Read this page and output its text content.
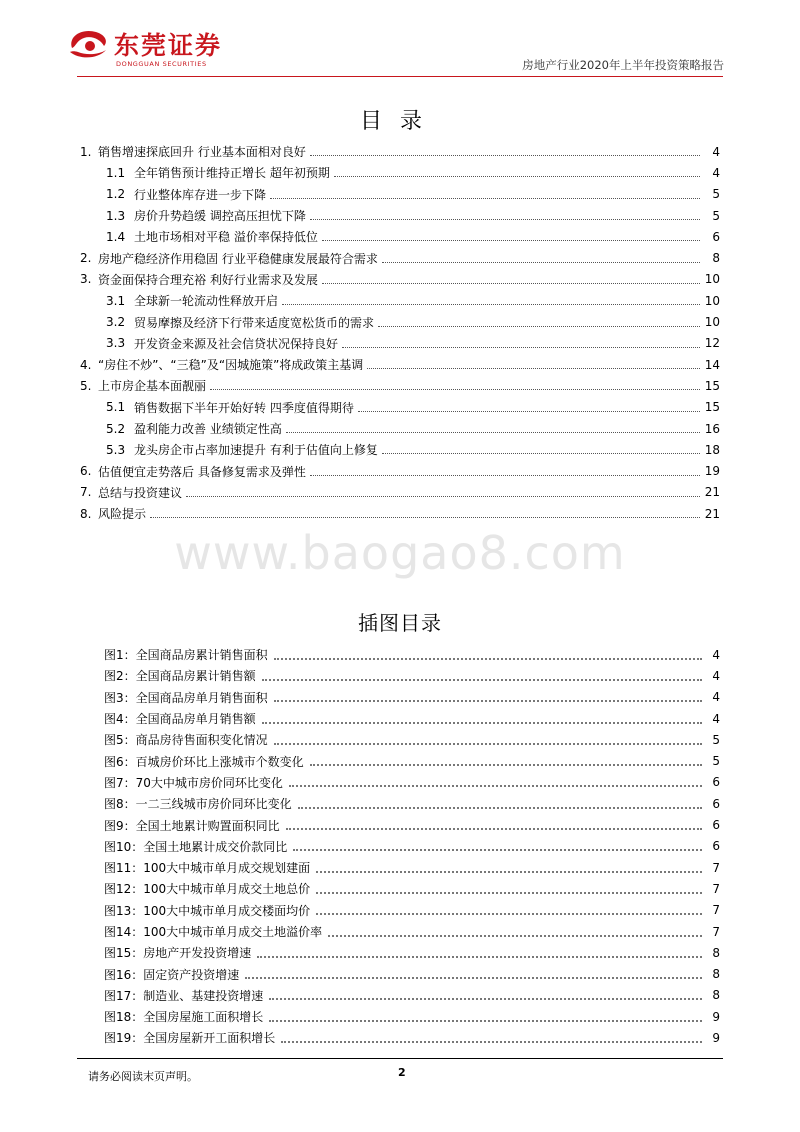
东莞证券
DONGGUAN SECURITIES	房地产行业2020年上半年投资策略报告
目录
1. 销售增速探底回升 行业基本面相对良好	4
1.1 全年销售预计维持正增长 超年初预期	4
1.2 行业整体库存进一步下降	5
1.3 房价升势趋缓 调控高压担忧下降	5
1.4 土地市场相对平稳 溢价率保持低位	6
2. 房地产稳经济作用稳固 行业平稳健康发展最符合需求	8
3. 资金面保持合理充裕 利好行业需求及发展	10
3.1 全球新一轮流动性释放开启	10
3.2 贸易摩擦及经济下行带来适度宽松货币的需求	10
3.3 开发资金来源及社会信贷状况保持良好	12
4. “房住不炒”、“三稳”及“因城施策”将成政策主基调	14
5. 上市房企基本面靓丽	15
5.1 销售数据下半年开始好转 四季度值得期待	15
5.2 盈利能力改善 业绩锁定性高	16
5.3 龙头房企市占率加速提升 有利于估值向上修复	18
6. 估值便宜走势落后 具备修复需求及弹性	19
7. 总结与投资建议	21
8. 风险提示	21
www.baogao8.com
插图目录
图1：全国商品房累计销售面积	4
图2：全国商品房累计销售额	4
图3：全国商品房单月销售面积	4
图4：全国商品房单月销售额	4
图5：商品房待售面积变化情况	5
图6：百城房价环比上涨城市个数变化	5
图7：70大中城市房价同环比变化	6
图8：一二三线城市房价同环比变化	6
图9：全国土地累计购置面积同比	6
图10：全国土地累计成交价款同比	6
图11：100大中城市单月成交规划建面	7
图12：100大中城市单月成交土地总价	7
图13：100大中城市单月成交楼面均价	7
图14：100大中城市单月成交土地溢价率	7
图15：房地产开发投资增速	8
图16：固定资产投资增速	8
图17：制造业、基建投资增速	8
图18：全国房屋施工面积增长	9
图19：全国房屋新开工面积增长	9
请务必阅读末页声明。	2
